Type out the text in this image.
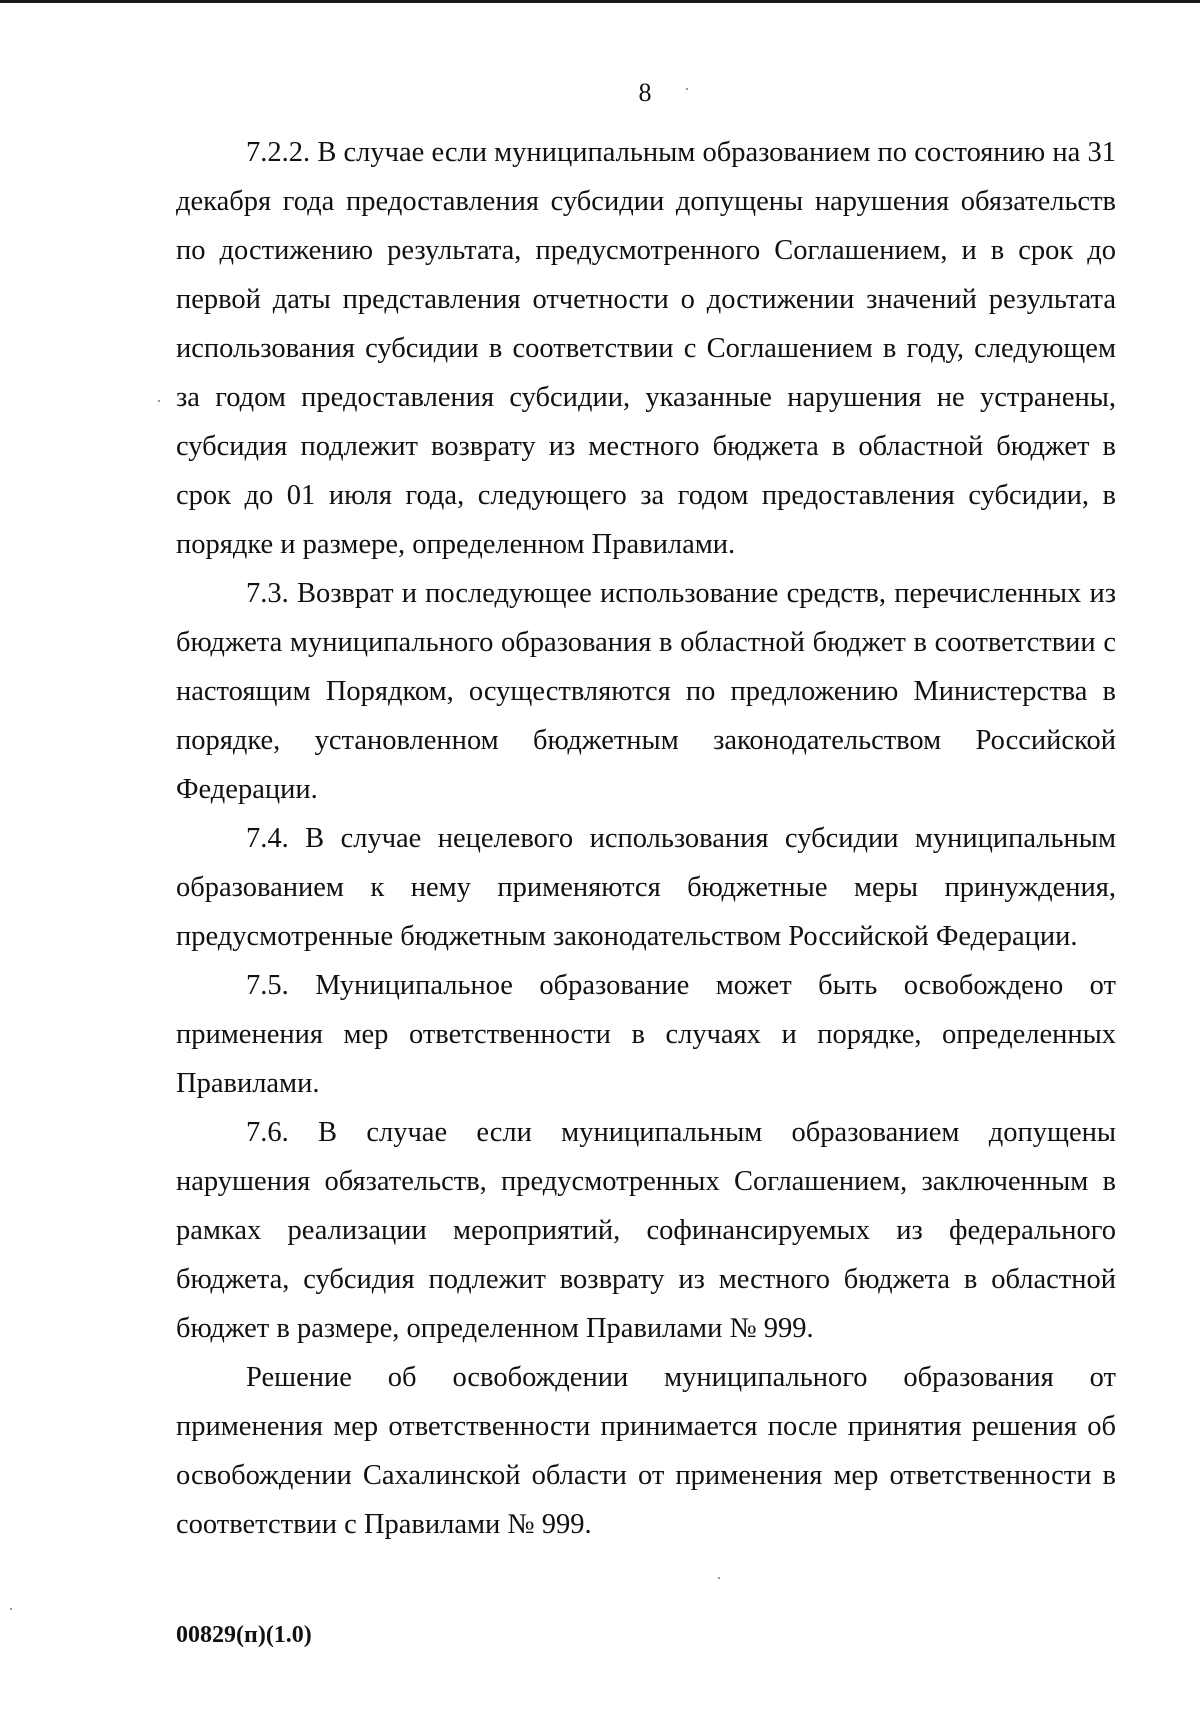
8

7.2.2. В случае если муниципальным образованием по состоянию на 31 декабря года предоставления субсидии допущены нарушения обязательств по достижению результата, предусмотренного Соглашением, и в срок до первой даты представления отчетности о достижении значений результата использования субсидии в соответствии с Соглашением в году, следующем за годом предоставления субсидии, указанные нарушения не устранены, субсидия подлежит возврату из местного бюджета в областной бюджет в срок до 01 июля года, следующего за годом предоставления субсидии, в порядке и размере, определенном Правилами.

7.3. Возврат и последующее использование средств, перечисленных из бюджета муниципального образования в областной бюджет в соответствии с настоящим Порядком, осуществляются по предложению Министерства в порядке, установленном бюджетным законодательством Российской Федерации.

7.4. В случае нецелевого использования субсидии муниципальным образованием к нему применяются бюджетные меры принуждения, предусмотренные бюджетным законодательством Российской Федерации.

7.5. Муниципальное образование может быть освобождено от применения мер ответственности в случаях и порядке, определенных Правилами.

7.6. В случае если муниципальным образованием допущены нарушения обязательств, предусмотренных Соглашением, заключенным в рамках реализации мероприятий, софинансируемых из федерального бюджета, субсидия подлежит возврату из местного бюджета в областной бюджет в размере, определенном Правилами № 999.

Решение об освобождении муниципального образования от применения мер ответственности принимается после принятия решения об освобождении Сахалинской области от применения мер ответственности в соответствии с Правилами № 999.

00829(п)(1.0)
